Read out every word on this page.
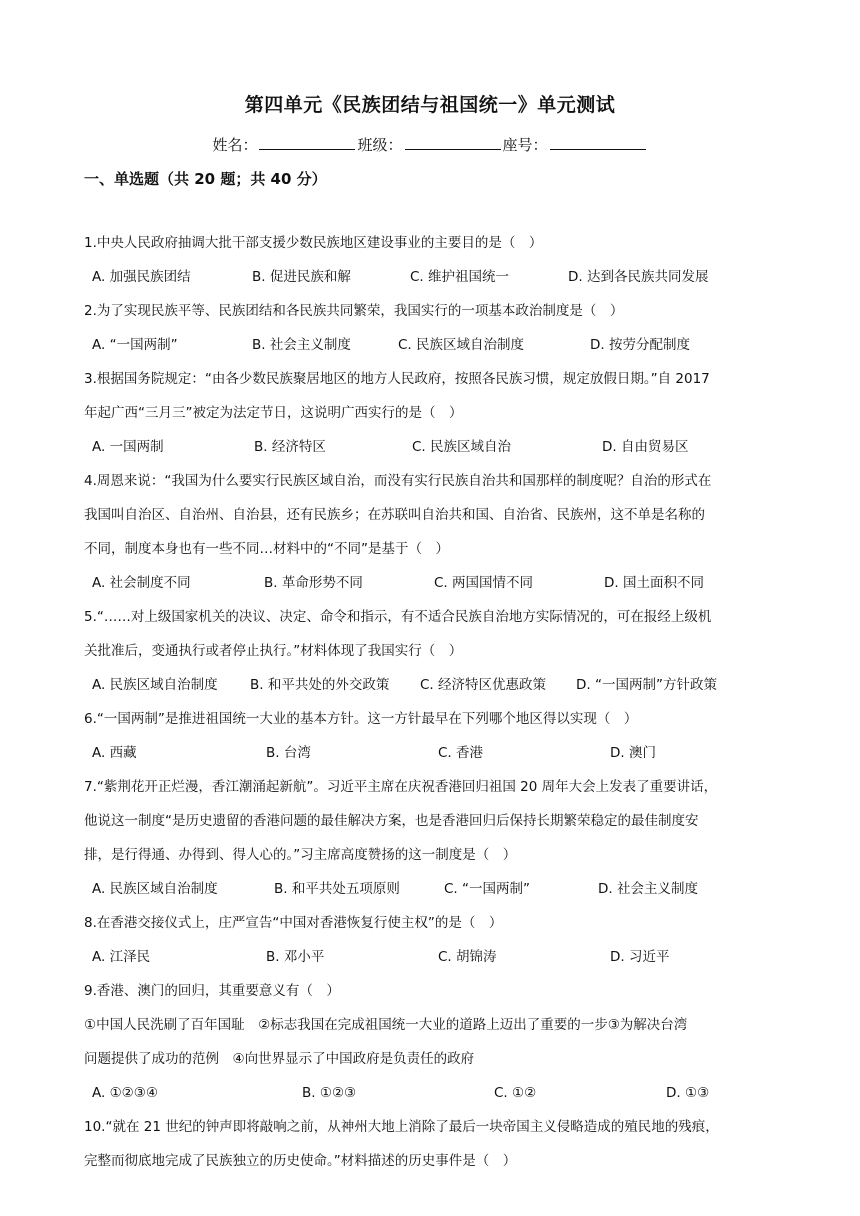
第四单元《民族团结与祖国统一》单元测试
姓名：	班级：	座号：
一、单选题（共 20 题；共 40 分）
1.中央人民政府抽调大批干部支援少数民族地区建设事业的主要目的是（　）
A. 加强民族团结	B. 促进民族和解	C. 维护祖国统一	D. 达到各民族共同发展
2.为了实现民族平等、民族团结和各民族共同繁荣，我国实行的一项基本政治制度是（　）
A. “一国两制”	B. 社会主义制度	C. 民族区域自治制度	D. 按劳分配制度
3.根据国务院规定：“由各少数民族聚居地区的地方人民政府，按照各民族习惯，规定放假日期。”自 2017
年起广西“三月三”被定为法定节日，这说明广西实行的是（　）
A. 一国两制	B. 经济特区	C. 民族区域自治	D. 自由贸易区
4.周恩来说：“我国为什么要实行民族区域自治，而没有实行民族自治共和国那样的制度呢？自治的形式在
我国叫自治区、自治州、自治县，还有民族乡；在苏联叫自治共和国、自治省、民族州，这不单是名称的
不同，制度本身也有一些不同…材料中的“不同”是基于（　）
A. 社会制度不同	B. 革命形势不同	C. 两国国情不同	D. 国土面积不同
5.“……对上级国家机关的决议、决定、命令和指示，有不适合民族自治地方实际情况的，可在报经上级机
关批准后，变通执行或者停止执行。”材料体现了我国实行（　）
A. 民族区域自治制度 B. 和平共处的外交政策 C. 经济特区优惠政策 D. “一国两制”方针政策
6.“一国两制”是推进祖国统一大业的基本方针。这一方针最早在下列哪个地区得以实现（　）
A. 西藏	B. 台湾	C. 香港	D. 澳门
7.“紫荆花开正烂漫，香江潮涌起新航”。习近平主席在庆祝香港回归祖国 20 周年大会上发表了重要讲话，
他说这一制度“是历史遗留的香港问题的最佳解决方案，也是香港回归后保持长期繁荣稳定的最佳制度安
排，是行得通、办得到、得人心的。”习主席高度赞扬的这一制度是（　）
A. 民族区域自治制度	B. 和平共处五项原则	C. “一国两制”	D. 社会主义制度
8.在香港交接仪式上，庄严宣告“中国对香港恢复行使主权”的是（　）
A. 江泽民	B. 邓小平	C. 胡锦涛	D. 习近平
9.香港、澳门的回归，其重要意义有（　）
①中国人民洗刷了百年国耻　②标志我国在完成祖国统一大业的道路上迈出了重要的一步③为解决台湾
问题提供了成功的范例　④向世界显示了中国政府是负责任的政府
A. ①②③④	B. ①②③	C. ①②	D. ①③
10.“就在 21 世纪的钟声即将敲响之前，从神州大地上消除了最后一块帝国主义侵略造成的殖民地的残痕，
完整而彻底地完成了民族独立的历史使命。”材料描述的历史事件是（　）
